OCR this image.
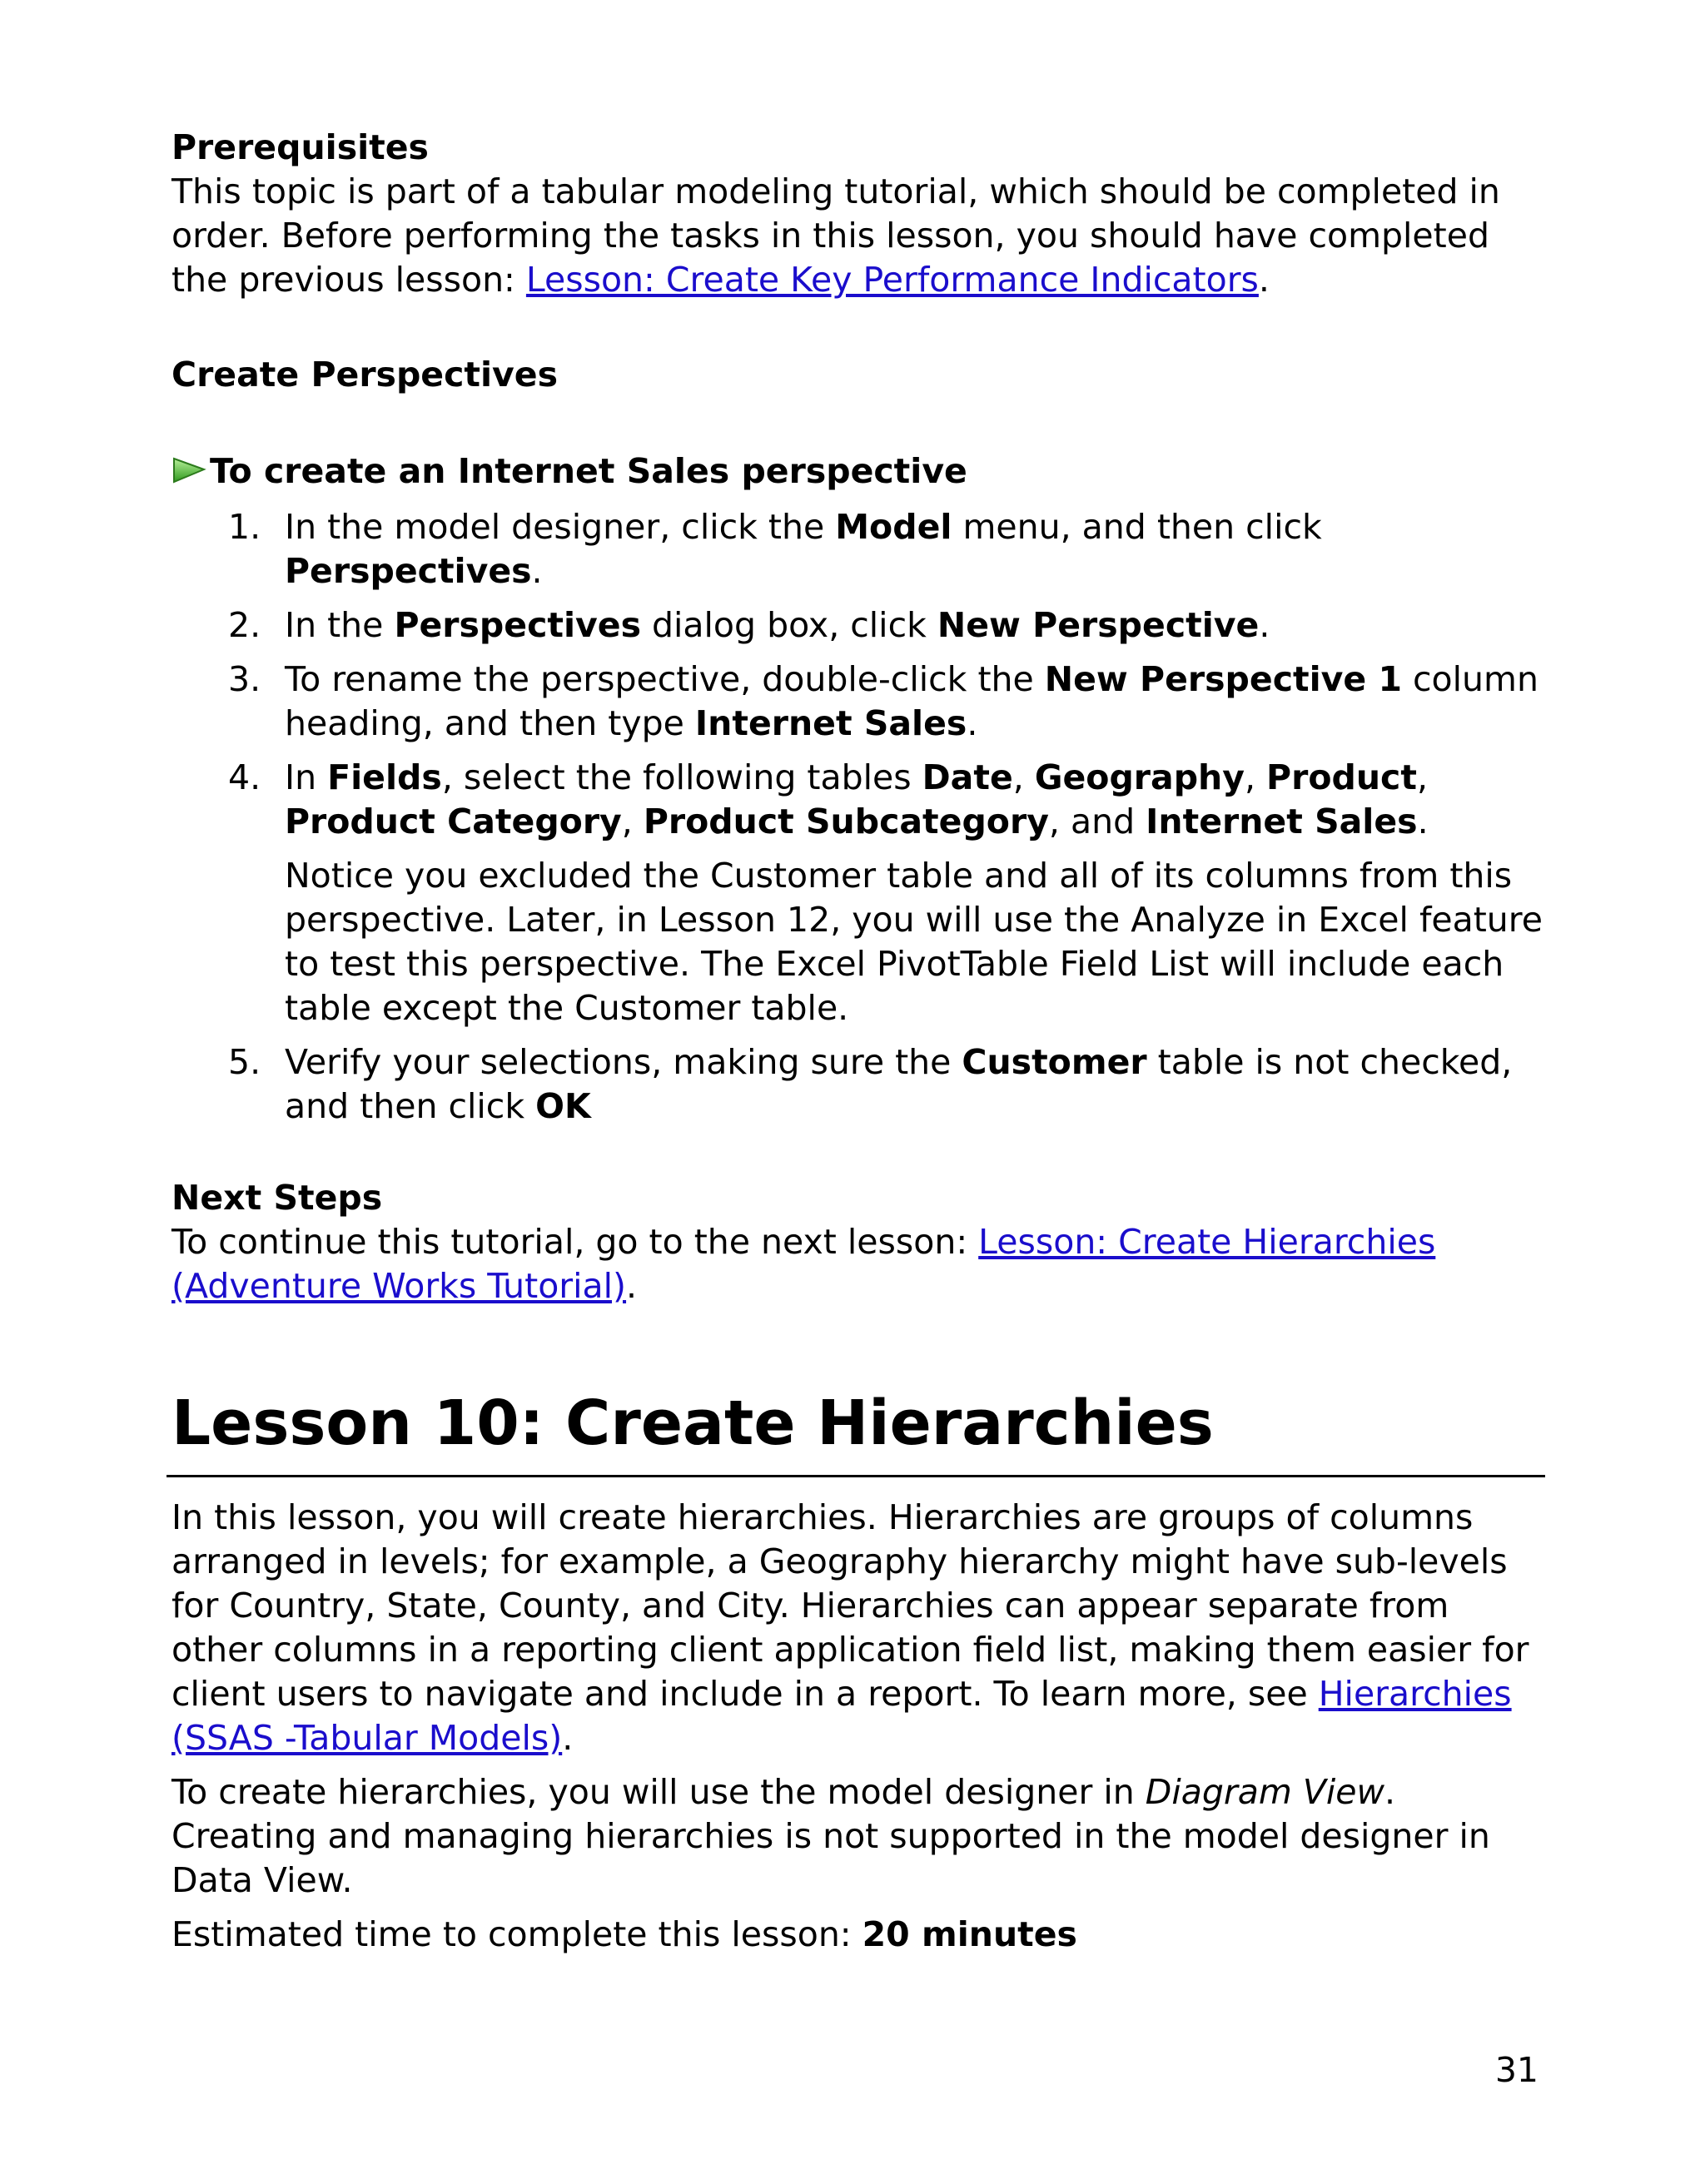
Prerequisites

This topic is part of a tabular modeling tutorial, which should be completed in order. Before performing the tasks in this lesson, you should have completed the previous lesson: Lesson: Create Key Performance Indicators.

Create Perspectives
To create an Internet Sales perspective
1. In the model designer, click the Model menu, and then click Perspectives.
2. In the Perspectives dialog box, click New Perspective.
3. To rename the perspective, double-click the New Perspective 1 column heading, and then type Internet Sales.
4. In Fields, select the following tables Date, Geography, Product, Product Category, Product Subcategory, and Internet Sales.
Notice you excluded the Customer table and all of its columns from this perspective. Later, in Lesson 12, you will use the Analyze in Excel feature to test this perspective. The Excel PivotTable Field List will include each table except the Customer table.
5. Verify your selections, making sure the Customer table is not checked, and then click OK
Next Steps

To continue this tutorial, go to the next lesson: Lesson: Create Hierarchies (Adventure Works Tutorial).

Lesson 10: Create Hierarchies

In this lesson, you will create hierarchies. Hierarchies are groups of columns arranged in levels; for example, a Geography hierarchy might have sub-levels for Country, State, County, and City. Hierarchies can appear separate from other columns in a reporting client application field list, making them easier for client users to navigate and include in a report. To learn more, see Hierarchies (SSAS -Tabular Models).

To create hierarchies, you will use the model designer in Diagram View. Creating and managing hierarchies is not supported in the model designer in Data View.

Estimated time to complete this lesson: 20 minutes

31
